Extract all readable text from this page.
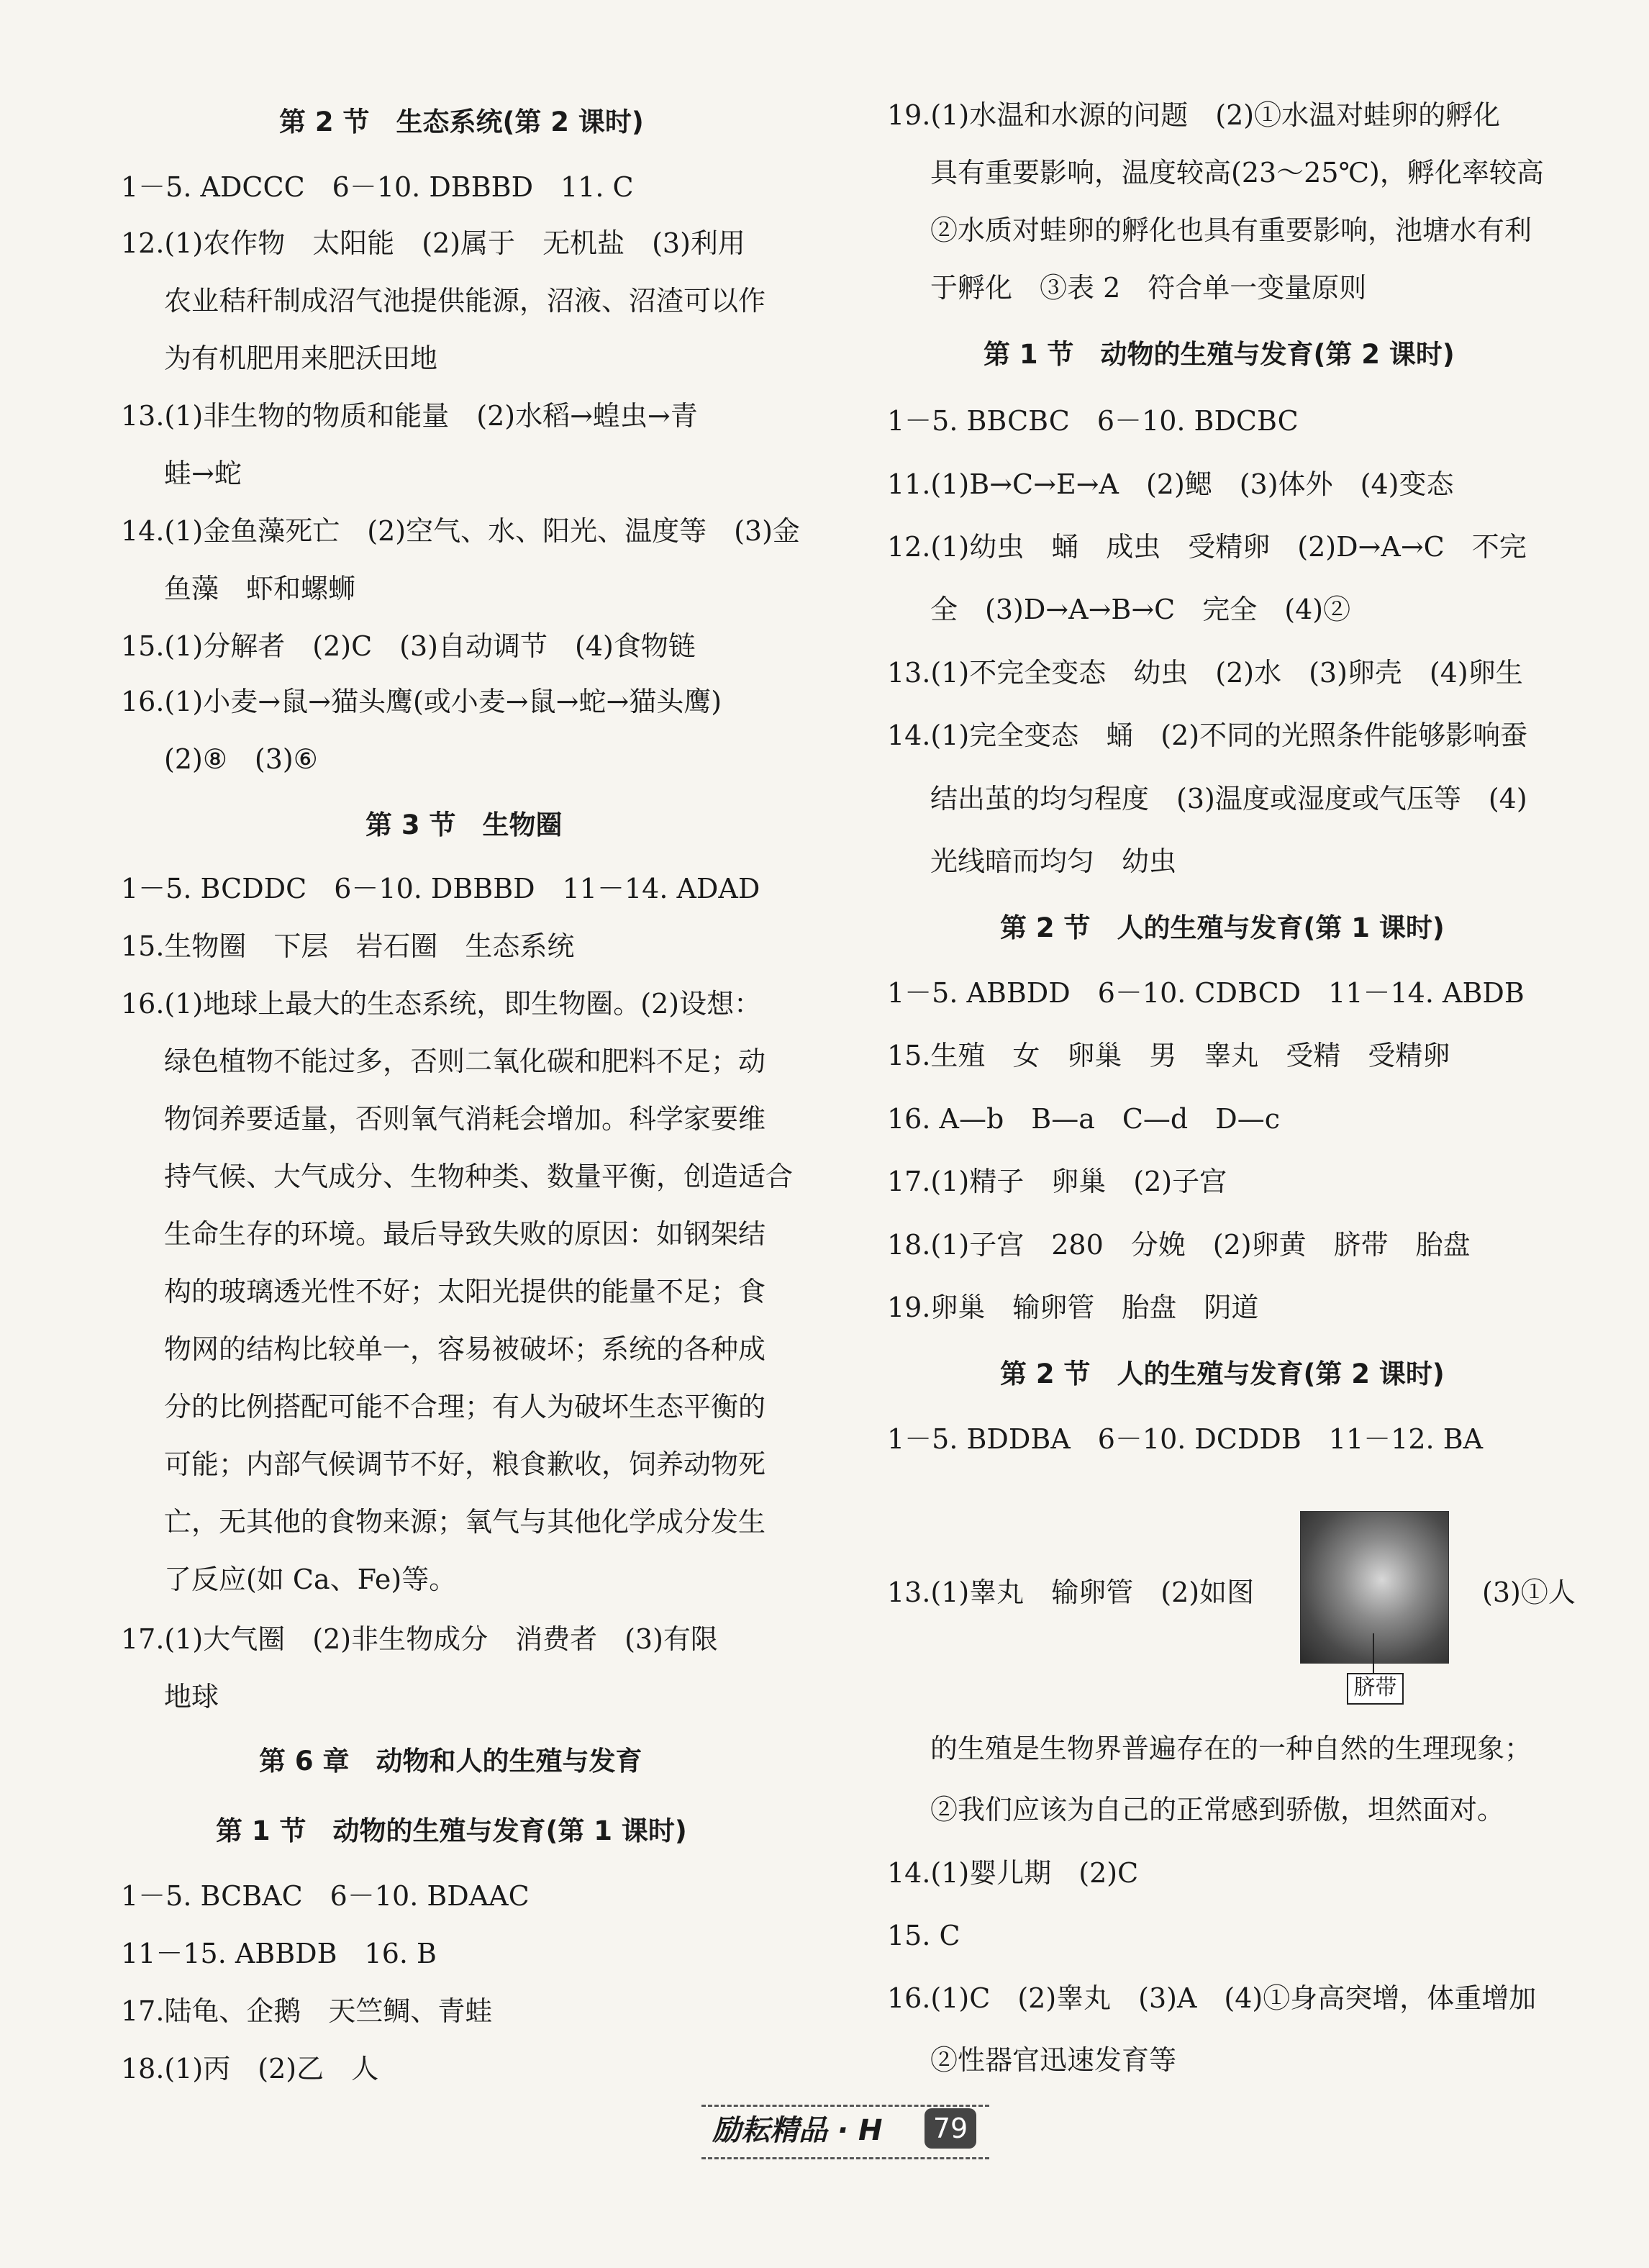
第 2 节　生态系统(第 2 课时)
1－5. ADCCC　6－10. DBBBD　11. C
12.(1)农作物　太阳能　(2)属于　无机盐　(3)利用
农业秸秆制成沼气池提供能源，沼液、沼渣可以作
为有机肥用来肥沃田地
13.(1)非生物的物质和能量　(2)水稻→蝗虫→青
蛙→蛇
14.(1)金鱼藻死亡　(2)空气、水、阳光、温度等　(3)金
鱼藻　虾和螺蛳
15.(1)分解者　(2)C　(3)自动调节　(4)食物链
16.(1)小麦→鼠→猫头鹰(或小麦→鼠→蛇→猫头鹰)
(2)⑧　(3)⑥
第 3 节　生物圈
1－5. BCDDC　6－10. DBBBD　11－14. ADAD
15.生物圈　下层　岩石圈　生态系统
16.(1)地球上最大的生态系统，即生物圈。(2)设想：
绿色植物不能过多，否则二氧化碳和肥料不足；动
物饲养要适量，否则氧气消耗会增加。科学家要维
持气候、大气成分、生物种类、数量平衡，创造适合
生命生存的环境。最后导致失败的原因：如钢架结
构的玻璃透光性不好；太阳光提供的能量不足；食
物网的结构比较单一，容易被破坏；系统的各种成
分的比例搭配可能不合理；有人为破坏生态平衡的
可能；内部气候调节不好，粮食歉收，饲养动物死
亡，无其他的食物来源；氧气与其他化学成分发生
了反应(如 Ca、Fe)等。
17.(1)大气圈　(2)非生物成分　消费者　(3)有限
地球
第 6 章　动物和人的生殖与发育
第 1 节　动物的生殖与发育(第 1 课时)
1－5. BCBAC　6－10. BDAAC
11－15. ABBDB　16. B
17.陆龟、企鹅　天竺鲷、青蛙
18.(1)丙　(2)乙　人
19.(1)水温和水源的问题　(2)①水温对蛙卵的孵化
具有重要影响，温度较高(23～25℃)，孵化率较高
②水质对蛙卵的孵化也具有重要影响，池塘水有利
于孵化　③表 2　符合单一变量原则
第 1 节　动物的生殖与发育(第 2 课时)
1－5. BBCBC　6－10. BDCBC
11.(1)B→C→E→A　(2)鳃　(3)体外　(4)变态
12.(1)幼虫　蛹　成虫　受精卵　(2)D→A→C　不完
全　(3)D→A→B→C　完全　(4)②
13.(1)不完全变态　幼虫　(2)水　(3)卵壳　(4)卵生
14.(1)完全变态　蛹　(2)不同的光照条件能够影响蚕
结出茧的均匀程度　(3)温度或湿度或气压等　(4)
光线暗而均匀　幼虫
第 2 节　人的生殖与发育(第 1 课时)
1－5. ABBDD　6－10. CDBCD　11－14. ABDB
15.生殖　女　卵巢　男　睾丸　受精　受精卵
16. A—b　B—a　C—d　D—c
17.(1)精子　卵巢　(2)子宫
18.(1)子宫　280　分娩　(2)卵黄　脐带　胎盘
19.卵巢　输卵管　胎盘　阴道
第 2 节　人的生殖与发育(第 2 课时)
1－5. BDDBA　6－10. DCDDB　11－12. BA
13.(1)睾丸　输卵管　(2)如图	(3)①人
的生殖是生物界普遍存在的一种自然的生理现象；
②我们应该为自己的正常感到骄傲，坦然面对。
14.(1)婴儿期　(2)C
15. C
16.(1)C　(2)睾丸　(3)A　(4)①身高突增，体重增加
②性器官迅速发育等
脐带
励耘精品 · H	79
